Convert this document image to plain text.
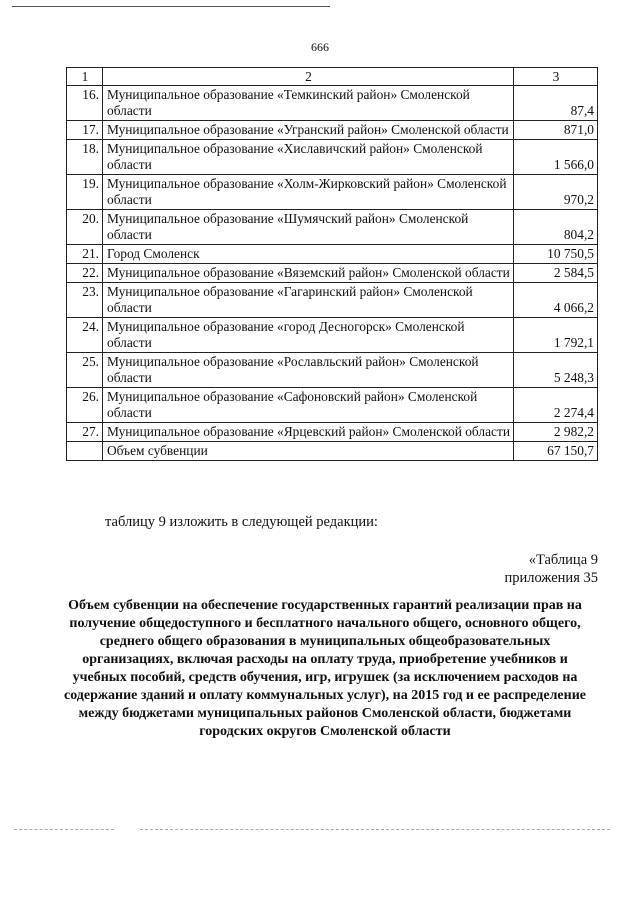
666
1	2	3
16.	Муниципальное образование «Темкинский район» Смоленской области	87,4
17.	Муниципальное образование «Угранский район» Смоленской области	871,0
18.	Муниципальное образование «Хиславичский район» Смоленской области	1 566,0
19.	Муниципальное образование «Холм-Жирковский район» Смоленской области	970,2
20.	Муниципальное образование «Шумячский район» Смоленской области	804,2
21.	Город Смоленск	10 750,5
22.	Муниципальное образование «Вяземский район» Смоленской области	2 584,5
23.	Муниципальное образование «Гагаринский район» Смоленской области	4 066,2
24.	Муниципальное образование «город Десногорск» Смоленской области	1 792,1
25.	Муниципальное образование «Рославльский район» Смоленской области	5 248,3
26.	Муниципальное образование «Сафоновский район» Смоленской области	2 274,4
27.	Муниципальное образование «Ярцевский район» Смоленской области	2 982,2
	Объем субвенции	67 150,7
таблицу 9 изложить в следующей редакции:
«Таблица 9
приложения 35
Объем субвенции на обеспечение государственных гарантий реализации прав на получение общедоступного и бесплатного начального общего, основного общего, среднего общего образования в муниципальных общеобразовательных организациях, включая расходы на оплату труда, приобретение учебников и учебных пособий, средств обучения, игр, игрушек (за исключением расходов на содержание зданий и оплату коммунальных услуг), на 2015 год и ее распределение между бюджетами муниципальных районов Смоленской области, бюджетами городских округов Смоленской области
